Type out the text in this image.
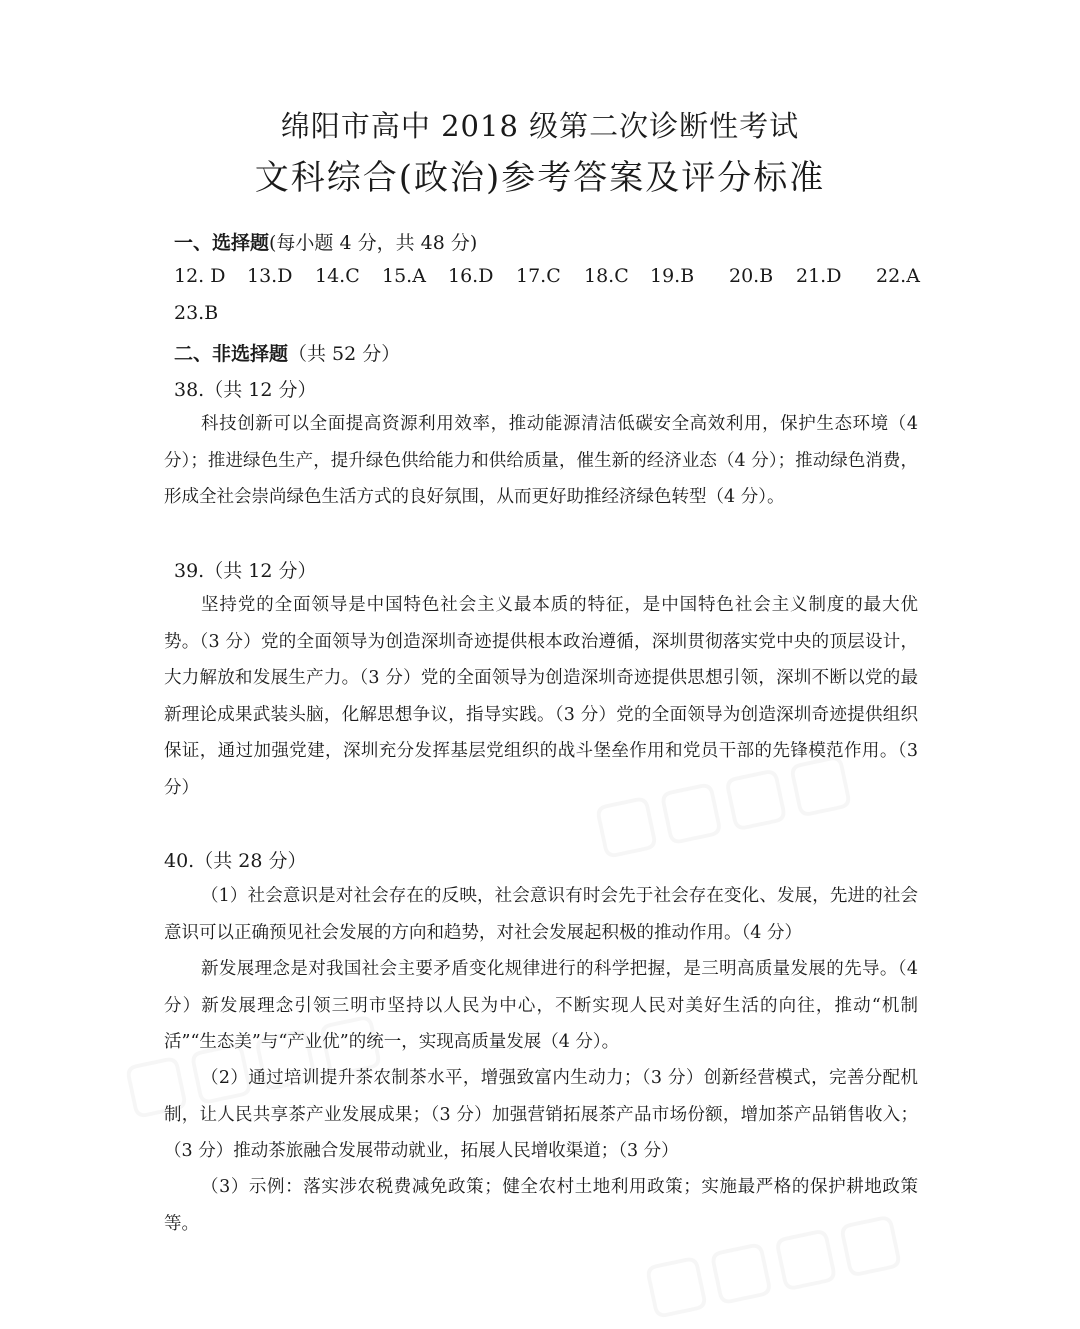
绵阳市高中 2018 级第二次诊断性考试
文科综合(政治)参考答案及评分标准
一、选择题(每小题 4 分，共 48 分)
12. D 13.D 14.C 15.A 16.D 17.C 18.C 19.B 20.B 21.D 22.A
23.B
二、非选择题（共 52 分）
38.（共 12 分）

科技创新可以全面提高资源利用效率，推动能源清洁低碳安全高效利用，保护生态环境（4 分）；推进绿色生产，提升绿色供给能力和供给质量，催生新的经济业态（4 分）；推动绿色消费，形成全社会崇尚绿色生活方式的良好氛围，从而更好助推经济绿色转型（4 分）。

39.（共 12 分）

坚持党的全面领导是中国特色社会主义最本质的特征，是中国特色社会主义制度的最大优势。（3 分）党的全面领导为创造深圳奇迹提供根本政治遵循，深圳贯彻落实党中央的顶层设计，大力解放和发展生产力。（3 分）党的全面领导为创造深圳奇迹提供思想引领，深圳不断以党的最新理论成果武装头脑，化解思想争议，指导实践。（3 分）党的全面领导为创造深圳奇迹提供组织保证，通过加强党建，深圳充分发挥基层党组织的战斗堡垒作用和党员干部的先锋模范作用。（3 分）

40.（共 28 分）

（1）社会意识是对社会存在的反映，社会意识有时会先于社会存在变化、发展，先进的社会意识可以正确预见社会发展的方向和趋势，对社会发展起积极的推动作用。（4 分）

新发展理念是对我国社会主要矛盾变化规律进行的科学把握，是三明高质量发展的先导。（4 分）新发展理念引领三明市坚持以人民为中心，不断实现人民对美好生活的向往，推动“机制活”“生态美”与“产业优”的统一，实现高质量发展（4 分）。

（2）通过培训提升茶农制茶水平，增强致富内生动力；（3 分）创新经营模式，完善分配机制，让人民共享茶产业发展成果；（3 分）加强营销拓展茶产品市场份额，增加茶产品销售收入；（3 分）推动茶旅融合发展带动就业，拓展人民增收渠道；（3 分）

（3）示例：落实涉农税费减免政策；健全农村土地利用政策；实施最严格的保护耕地政策等。
